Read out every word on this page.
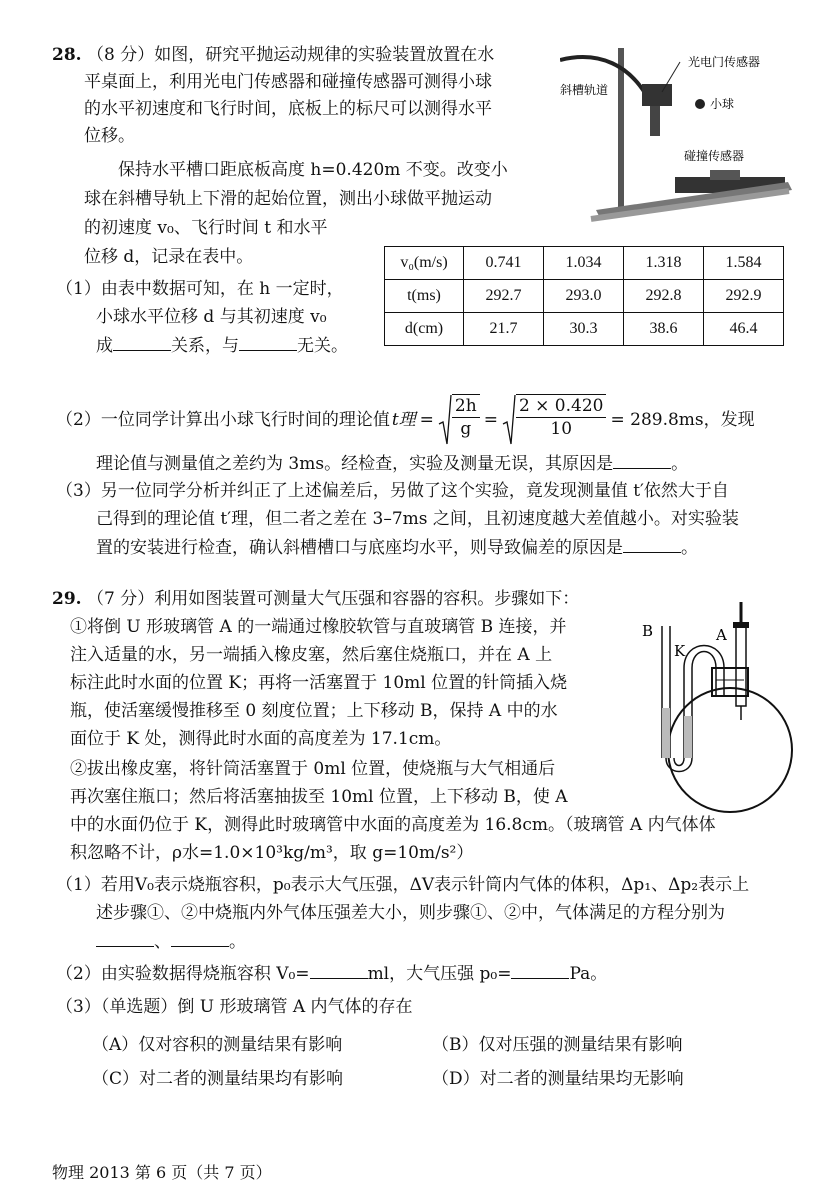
28. （8 分）如图，研究平抛运动规律的实验装置放置在水
平桌面上，利用光电门传感器和碰撞传感器可测得小球
的水平初速度和飞行时间，底板上的标尺可以测得水平
位移。
保持水平槽口距底板高度 h=0.420m 不变。改变小
球在斜槽导轨上下滑的起始位置，测出小球做平抛运动
的初速度 v₀、飞行时间 t 和水平
位移 d，记录在表中。
光电门传感器
斜槽轨道
小球
碰撞传感器
v₀(m/s)	0.741	1.034	1.318	1.584
t(ms)	292.7	293.0	292.8	292.9
d(cm)	21.7	30.3	38.6	46.4
（1）由表中数据可知，在 h 一定时，
小球水平位移 d 与其初速度 v₀
成	关系，与	无关。
（2）一位同学计算出小球飞行时间的理论值 t理 = $\frac{2h}{g} = \frac{2 \times 0.420}{10} = 289.8ms$，发现
理论值与测量值之差约为 3ms。经检查，实验及测量无误，其原因是	。
（3）另一位同学分析并纠正了上述偏差后，另做了这个实验，竟发现测量值 t′依然大于自
己得到的理论值 t′理，但二者之差在 3–7ms 之间，且初速度越大差值越小。对实验装
置的安装进行检查，确认斜槽槽口与底座均水平，则导致偏差的原因是	。
29. （7 分）利用如图装置可测量大气压强和容器的容积。步骤如下：
①将倒 U 形玻璃管 A 的一端通过橡胶软管与直玻璃管 B 连接，并
注入适量的水，另一端插入橡皮塞，然后塞住烧瓶口，并在 A 上
标注此时水面的位置 K；再将一活塞置于 10ml 位置的针筒插入烧
瓶，使活塞缓慢推移至 0 刻度位置；上下移动 B，保持 A 中的水
面位于 K 处，测得此时水面的高度差为 17.1cm。
②拔出橡皮塞，将针筒活塞置于 0ml 位置，使烧瓶与大气相通后
再次塞住瓶口；然后将活塞抽拔至 10ml 位置，上下移动 B，使 A
中的水面仍位于 K，测得此时玻璃管中水面的高度差为 16.8cm。（玻璃管 A 内气体体
积忽略不计，ρ水=1.0×10³kg/m³，取 g=10m/s²）
B
K
A
（1）若用V₀表示烧瓶容积，p₀表示大气压强，ΔV表示针筒内气体的体积，Δp₁、Δp₂表示上
述步骤①、②中烧瓶内外气体压强差大小，则步骤①、②中，气体满足的方程分别为
、	。
（2）由实验数据得烧瓶容积 V₀=	ml，大气压强 p₀=	Pa。
（3）（单选题）倒 U 形玻璃管 A 内气体的存在
（A）仅对容积的测量结果有影响	（B）仅对压强的测量结果有影响
（C）对二者的测量结果均有影响	（D）对二者的测量结果均无影响
物理 2013 第 6 页（共 7 页）
